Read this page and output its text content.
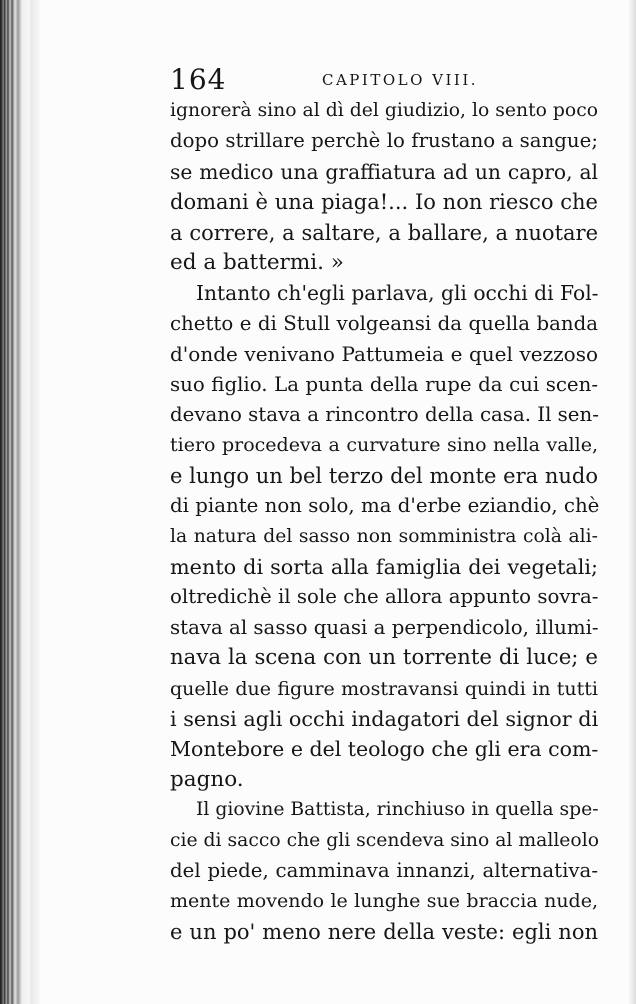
164	CAPITOLO VIII.

ignorerà sino al dì del giudizio, lo sento poco

dopo strillare perchè lo frustano a sangue;

se medico una graffiatura ad un capro, al

domani è una piaga!... Io non riesco che

a correre, a saltare, a ballare, a nuotare

ed a battermi. »

Intanto ch'egli parlava, gli occhi di Fol-

chetto e di Stull volgeansi da quella banda

d'onde venivano Pattumeia e quel vezzoso

suo figlio. La punta della rupe da cui scen-

devano stava a rincontro della casa. Il sen-

tiero procedeva a curvature sino nella valle,

e lungo un bel terzo del monte era nudo

di piante non solo, ma d'erbe eziandio, chè

la natura del sasso non somministra colà ali-

mento di sorta alla famiglia dei vegetali;

oltredichè il sole che allora appunto sovra-

stava al sasso quasi a perpendicolo, illumi-

nava la scena con un torrente di luce; e

quelle due figure mostravansi quindi in tutti

i sensi agli occhi indagatori del signor di

Montebore e del teologo che gli era com-

pagno.

Il giovine Battista, rinchiuso in quella spe-

cie di sacco che gli scendeva sino al malleolo

del piede, camminava innanzi, alternativa-

mente movendo le lunghe sue braccia nude,

e un po' meno nere della veste: egli non
